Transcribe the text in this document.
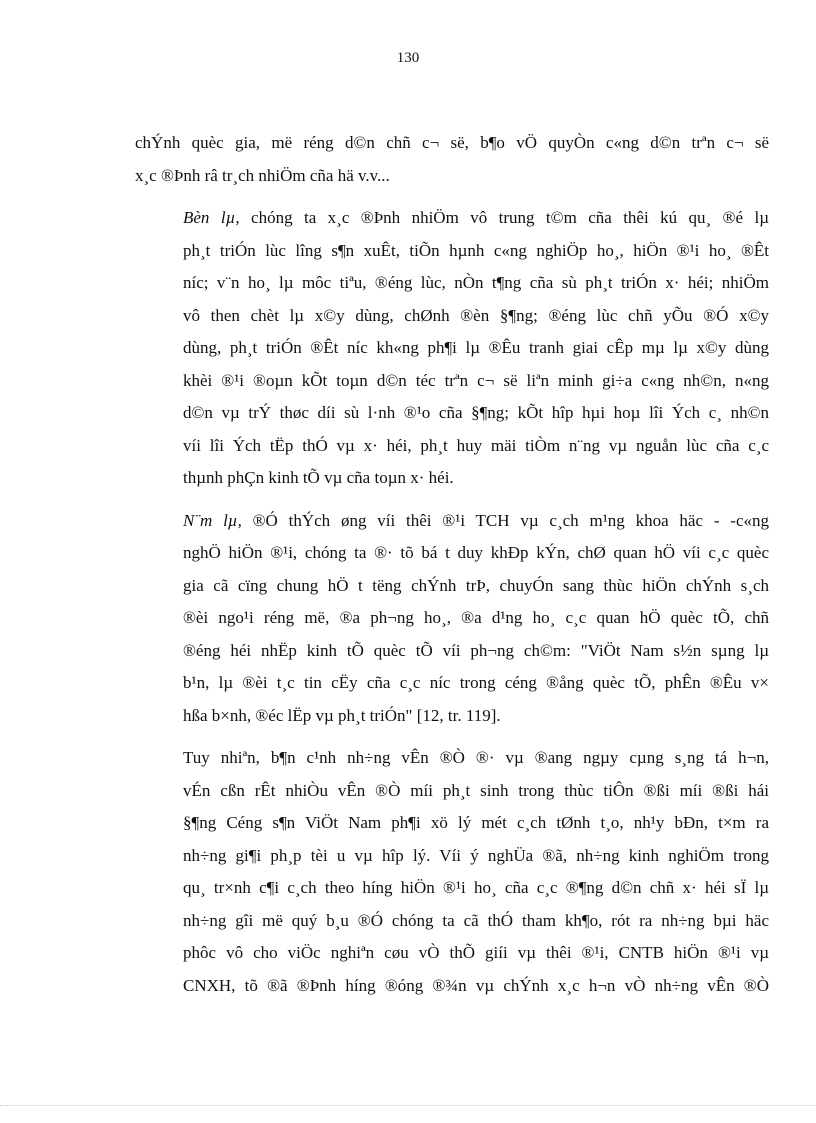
130

chÝnh quèc gia, më réng d©n chñ c¬ së, b¶o vÖ quyÒn c«ng d©n trªn c¬ së
x¸c ®Þnh râ tr¸ch nhiÖm cña hä v.v...

Bèn lµ, chóng ta x¸c ®Þnh nhiÖm vô trung t©m cña thêi kú qu¸ ®é lµ
ph¸t triÓn lùc lîng s¶n xuÊt, tiÕn hµnh c«ng nghiÖp ho¸, hiÖn ®¹i ho¸ ®Êt
níc; v¨n ho¸ lµ môc tiªu, ®éng lùc, nÒn t¶ng cña sù ph¸t triÓn x· héi; nhiÖm
vô then chèt lµ x©y dùng, chØnh ®èn §¶ng; ®éng lùc chñ yÕu ®Ó x©y
dùng, ph¸t triÓn ®Êt níc kh«ng ph¶i lµ ®Êu tranh giai cÊp mµ lµ x©y dùng
khèi ®¹i ®oµn kÕt toµn d©n téc trªn c¬ së liªn minh gi÷a c«ng nh©n, n«ng
d©n vµ trÝ thøc díi sù l·nh ®¹o cña §¶ng; kÕt hîp hµi hoµ lîi Ých c¸ nh©n
víi lîi Ých tËp thÓ vµ x· héi, ph¸t huy mäi tiÒm n¨ng vµ nguån lùc cña c¸c
thµnh phÇn kinh tÕ vµ cña toµn x· héi.

N¨m lµ, ®Ó thÝch øng víi thêi ®¹i TCH vµ c¸ch m¹ng khoa häc - -c«ng
nghÖ hiÖn ®¹i, chóng ta ®· tõ bá t duy khÐp kÝn, chØ quan hÖ víi c¸c quèc
gia cã cïng chung hÖ t tëng chÝnh trÞ, chuyÓn sang thùc hiÖn chÝnh s¸ch
®èi ngo¹i réng më, ®a ph¬ng ho¸, ®a d¹ng ho¸ c¸c quan hÖ quèc tÕ, chñ
®éng héi nhËp kinh tÕ quèc tÕ víi ph¬ng ch©m: "ViÖt Nam s½n sµng lµ
b¹n, lµ ®èi t¸c tin cËy cña c¸c níc trong céng ®ång quèc tÕ, phÊn ®Êu v×
hßa b×nh, ®éc lËp vµ ph¸t triÓn" [12, tr. 119].

Tuy nhiªn, b¶n c¹nh nh÷ng vÊn ®Ò ®· vµ ®ang ngµy cµng s¸ng tá h¬n,
vÉn cßn rÊt nhiÒu vÊn ®Ò míi ph¸t sinh trong thùc tiÔn ®ßi míi ®ßi hái
§¶ng Céng s¶n ViÖt Nam ph¶i xö lý mét c¸ch tØnh t¸o, nh¹y bÐn, t×m ra
nh÷ng gi¶i ph¸p tèi u vµ hîp lý. Víi ý nghÜa ®ã, nh÷ng kinh nghiÖm trong
qu¸ tr×nh c¶i c¸ch theo híng hiÖn ®¹i ho¸ cña c¸c ®¶ng d©n chñ x· héi sÏ lµ
nh÷ng gîi më quý b¸u ®Ó chóng ta cã thÓ tham kh¶o, rót ra nh÷ng bµi häc
phôc vô cho viÖc nghiªn cøu vÒ thÕ giíi vµ thêi ®¹i, CNTB hiÖn ®¹i vµ
CNXH, tõ ®ã ®Þnh híng ®óng ®¾n vµ chÝnh x¸c h¬n vÒ nh÷ng vÊn ®Ò
